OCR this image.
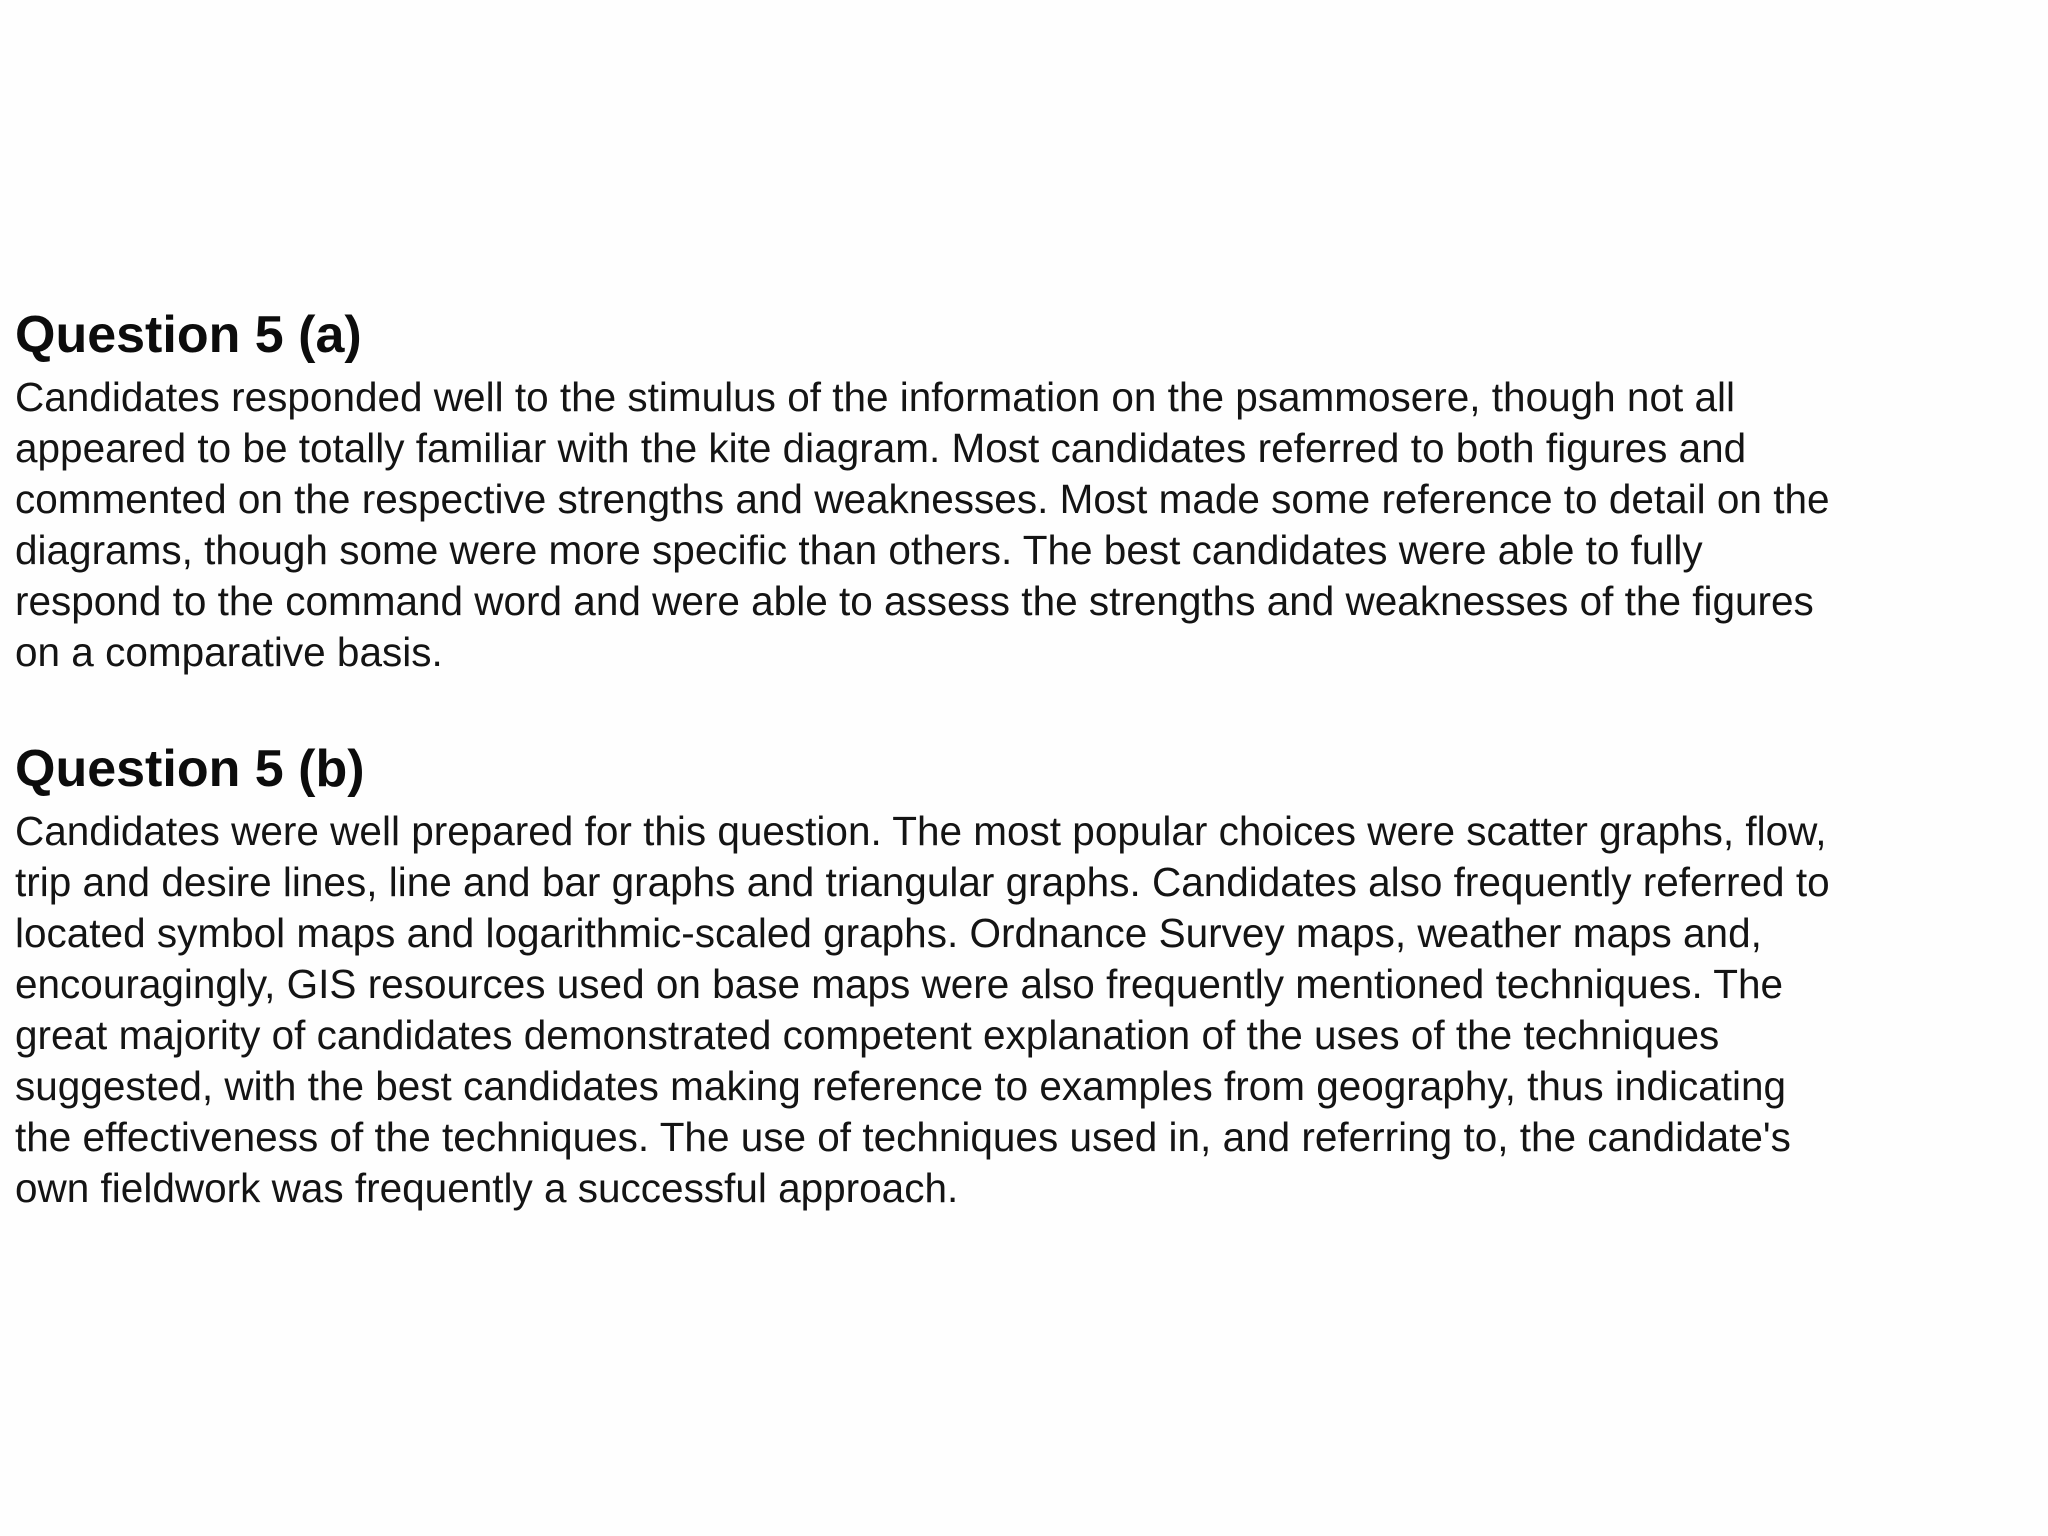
Question 5 (a)

Candidates responded well to the stimulus of the information on the psammosere, though not all
appeared to be totally familiar with the kite diagram. Most candidates referred to both figures and
commented on the respective strengths and weaknesses. Most made some reference to detail on the
diagrams, though some were more specific than others. The best candidates were able to fully
respond to the command word and were able to assess the strengths and weaknesses of the figures
on a comparative basis.

Question 5 (b)

Candidates were well prepared for this question. The most popular choices were scatter graphs, flow,
trip and desire lines, line and bar graphs and triangular graphs. Candidates also frequently referred to
located symbol maps and logarithmic-scaled graphs. Ordnance Survey maps, weather maps and,
encouragingly, GIS resources used on base maps were also frequently mentioned techniques. The
great majority of candidates demonstrated competent explanation of the uses of the techniques
suggested, with the best candidates making reference to examples from geography, thus indicating
the effectiveness of the techniques. The use of techniques used in, and referring to, the candidate's
own fieldwork was frequently a successful approach.
